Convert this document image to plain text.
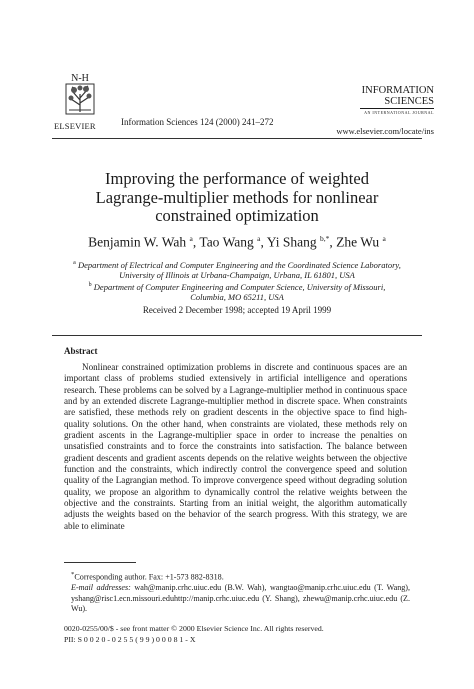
N-H
ELSEVIER	Information Sciences 124 (2000) 241–272
INFORMATION
SCIENCES
AN INTERNATIONAL JOURNAL
www.elsevier.com/locate/ins
Improving the performance of weighted
Lagrange-multiplier methods for nonlinear
constrained optimization
Benjamin W. Wah $^a$, Tao Wang $^a$, Yi Shang $^{b,*}$, Zhe Wu $^a$
$^a$ Department of Electrical and Computer Engineering and the Coordinated Science Laboratory,
University of Illinois at Urbana-Champaign, Urbana, IL 61801, USA
$^b$ Department of Computer Engineering and Computer Science, University of Missouri,
Columbia, MO 65211, USA
Received 2 December 1998; accepted 19 April 1999
Abstract
Nonlinear constrained optimization problems in discrete and continuous spaces are an important class of problems studied extensively in artificial intelligence and operations research. These problems can be solved by a Lagrange-multiplier method in continuous space and by an extended discrete Lagrange-multiplier method in discrete space. When constraints are satisfied, these methods rely on gradient descents in the objective space to find high-quality solutions. On the other hand, when constraints are violated, these methods rely on gradient ascents in the Lagrange-multiplier space in order to increase the penalties on unsatisfied constraints and to force the constraints into satisfaction. The balance between gradient descents and gradient ascents depends on the relative weights between the objective function and the constraints, which indirectly control the convergence speed and solution quality of the Lagrangian method. To improve convergence speed without degrading solution quality, we propose an algorithm to dynamically control the relative weights between the objective and the constraints. Starting from an initial weight, the algorithm automatically adjusts the weights based on the behavior of the search progress. With this strategy, we are able to eliminate
*Corresponding author. Fax: +1-573 882-8318.
E-mail addresses: wah@manip.crhc.uiuc.edu (B.W. Wah), wangtao@manip.crhc.uiuc.edu (T. Wang), yshang@risc1.ecn.missouri.eduhttp://manip.crhc.uiuc.edu (Y. Shang), zhewu@manip.crhc.uiuc.edu (Z. Wu).
0020-0255/00/$ - see front matter © 2000 Elsevier Science Inc. All rights reserved.
PII: S 0 0 2 0 - 0 2 5 5 ( 9 9 ) 0 0 0 8 1 - X
